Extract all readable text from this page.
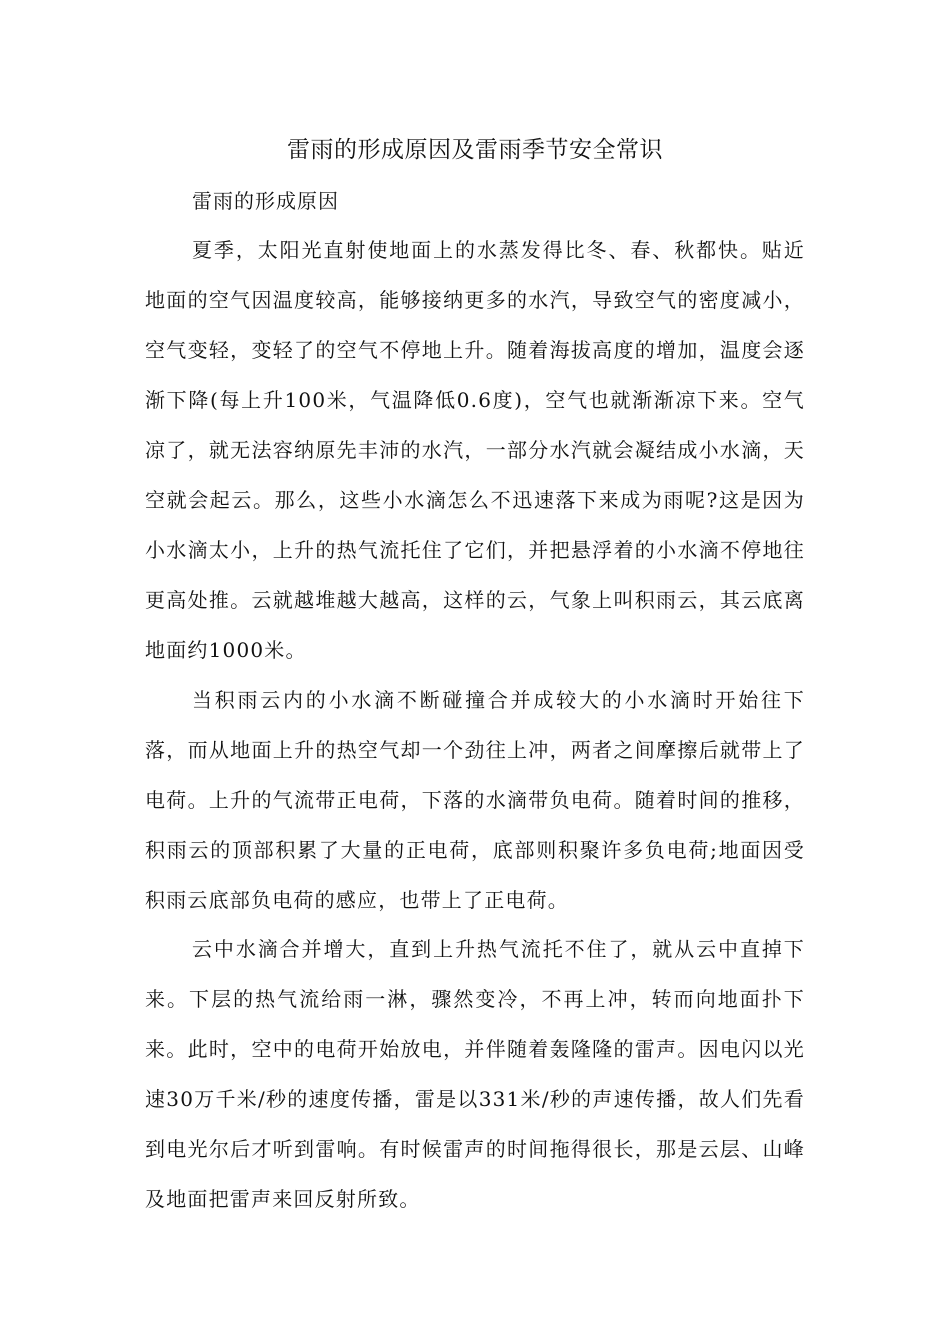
雷雨的形成原因及雷雨季节安全常识
雷雨的形成原因

夏季，太阳光直射使地面上的水蒸发得比冬、春、秋都快。贴近地面的空气因温度较高，能够接纳更多的水汽，导致空气的密度减小，空气变轻，变轻了的空气不停地上升。随着海拔高度的增加，温度会逐渐下降(每上升100米，气温降低0.6度)，空气也就渐渐凉下来。空气凉了，就无法容纳原先丰沛的水汽，一部分水汽就会凝结成小水滴，天空就会起云。那么，这些小水滴怎么不迅速落下来成为雨呢?这是因为小水滴太小，上升的热气流托住了它们，并把悬浮着的小水滴不停地往更高处推。云就越堆越大越高，这样的云，气象上叫积雨云，其云底离地面约1000米。

当积雨云内的小水滴不断碰撞合并成较大的小水滴时开始往下落，而从地面上升的热空气却一个劲往上冲，两者之间摩擦后就带上了电荷。上升的气流带正电荷，下落的水滴带负电荷。随着时间的推移，积雨云的顶部积累了大量的正电荷，底部则积聚许多负电荷;地面因受积雨云底部负电荷的感应，也带上了正电荷。

云中水滴合并增大，直到上升热气流托不住了，就从云中直掉下来。下层的热气流给雨一淋，骤然变冷，不再上冲，转而向地面扑下来。此时，空中的电荷开始放电，并伴随着轰隆隆的雷声。因电闪以光速30万千米/秒的速度传播，雷是以331米/秒的声速传播，故人们先看到电光尔后才听到雷响。有时候雷声的时间拖得很长，那是云层、山峰及地面把雷声来回反射所致。
